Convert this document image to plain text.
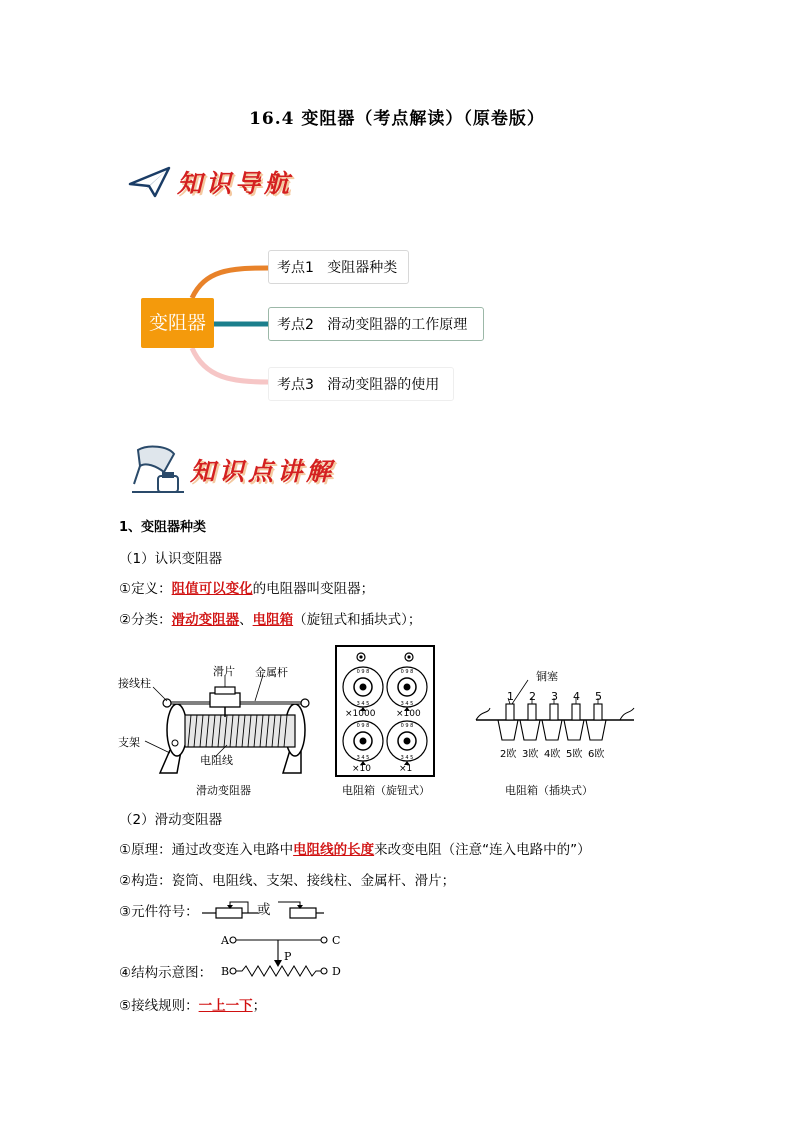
16.4 变阻器（考点解读）（原卷版）
知识导航
变阻器
考点1   变阻器种类
考点2   滑动变阻器的工作原理
考点3   滑动变阻器的使用
知识点讲解
1、变阻器种类
（1）认识变阻器
①定义：阻值可以变化的电阻器叫变阻器；
②分类：滑动变阻器、电阻箱（旋钮式和插块式）；
滑片 金属杆
接线柱
支架
电阻线
滑动变阻器
0 9 8
3 4 5
0 9 8
3 4 5
0 9 8
3 4 5
0 9 8
3 4 5
×1000 ×100
×10	×1
电阻箱（旋钮式）
铜塞
1 2 3 4 5
2欧 3欧 4欧 5欧 6欧
电阻箱（插块式）
（2）滑动变阻器
①原理：通过改变连入电路中电阻线的长度来改变电阻（注意“连入电路中的”）
②构造：瓷筒、电阻线、支架、接线柱、金属杆、滑片；
③元件符号：	或
A	C
P
④结构示意图： B	D
⑤接线规则：一上一下；
